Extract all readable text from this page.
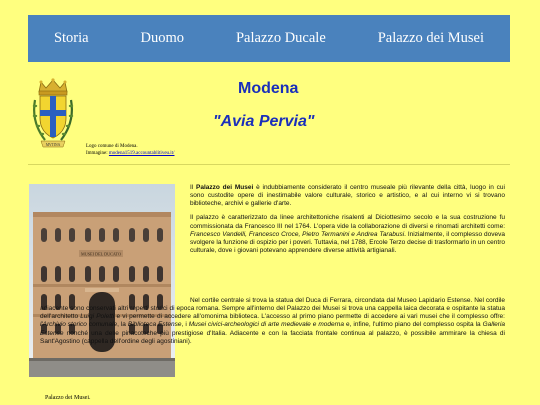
Storia	Duomo	Palazzo Ducale	Palazzo dei Musei
MVTINA	Logo comune di Modena.
Immagine: modena1519.accountablitiveu.it/
Modena
"Avia Pervia"
MUSEI DEL DUCATO

Il Palazzo dei Musei è indubbiamente considerato il centro museale più rilevante della città, luogo in cui sono custodite opere di inestimabile valore culturale, storico e artistico, e al cui interno vi si trovano biblioteche, archivi e gallerie d'arte.

Il palazzo è caratterizzato da linee architettoniche risalenti al Diciottesimo secolo e la sua costruzione fu commissionata da Francesco III nel 1764. L'opera vide la collaborazione di diversi e rinomati architetti come: Francesco Vandelli, Francesco Croce, Pietro Termanini e Andrea Tarabusi. Inizialmente, il complesso doveva svolgere la funzione di ospizio per i poveri. Tuttavia, nel 1788, Ercole Terzo decise di trasformarlo in un centro culturale, dove i giovani potevano apprendere diverse attività artigianali.

Nel cortile centrale si trova la statua del Duca di Ferrara, circondata dal Museo Lapidario Estense. Nel cordile adiacente sono conservati altri reperti storici di epoca romana. Sempre all'interno del Palazzo dei Musei si trova una cappella laica decorata e ospitante la statua dell'architetto Luigi Poletti e vi permette di accedere all'omonima biblioteca. L'accesso al primo piano permette di accedere ai vari musei che il complesso offre: l'Archivio storico comunale, la Biblioteca Estense, i Musei civici-archeologici di arte medievale e moderna e, infine, l'ultimo piano del complesso ospita la Galleria Estense nonché una delle pinacoteche più prestigiose d'Italia. Adiacente e con la facciata frontale continua al palazzo, è possibile ammirare la chiesa di Sant'Agostino (cappella dell'ordine degli agostiniani).
Palazzo dei Musei.
